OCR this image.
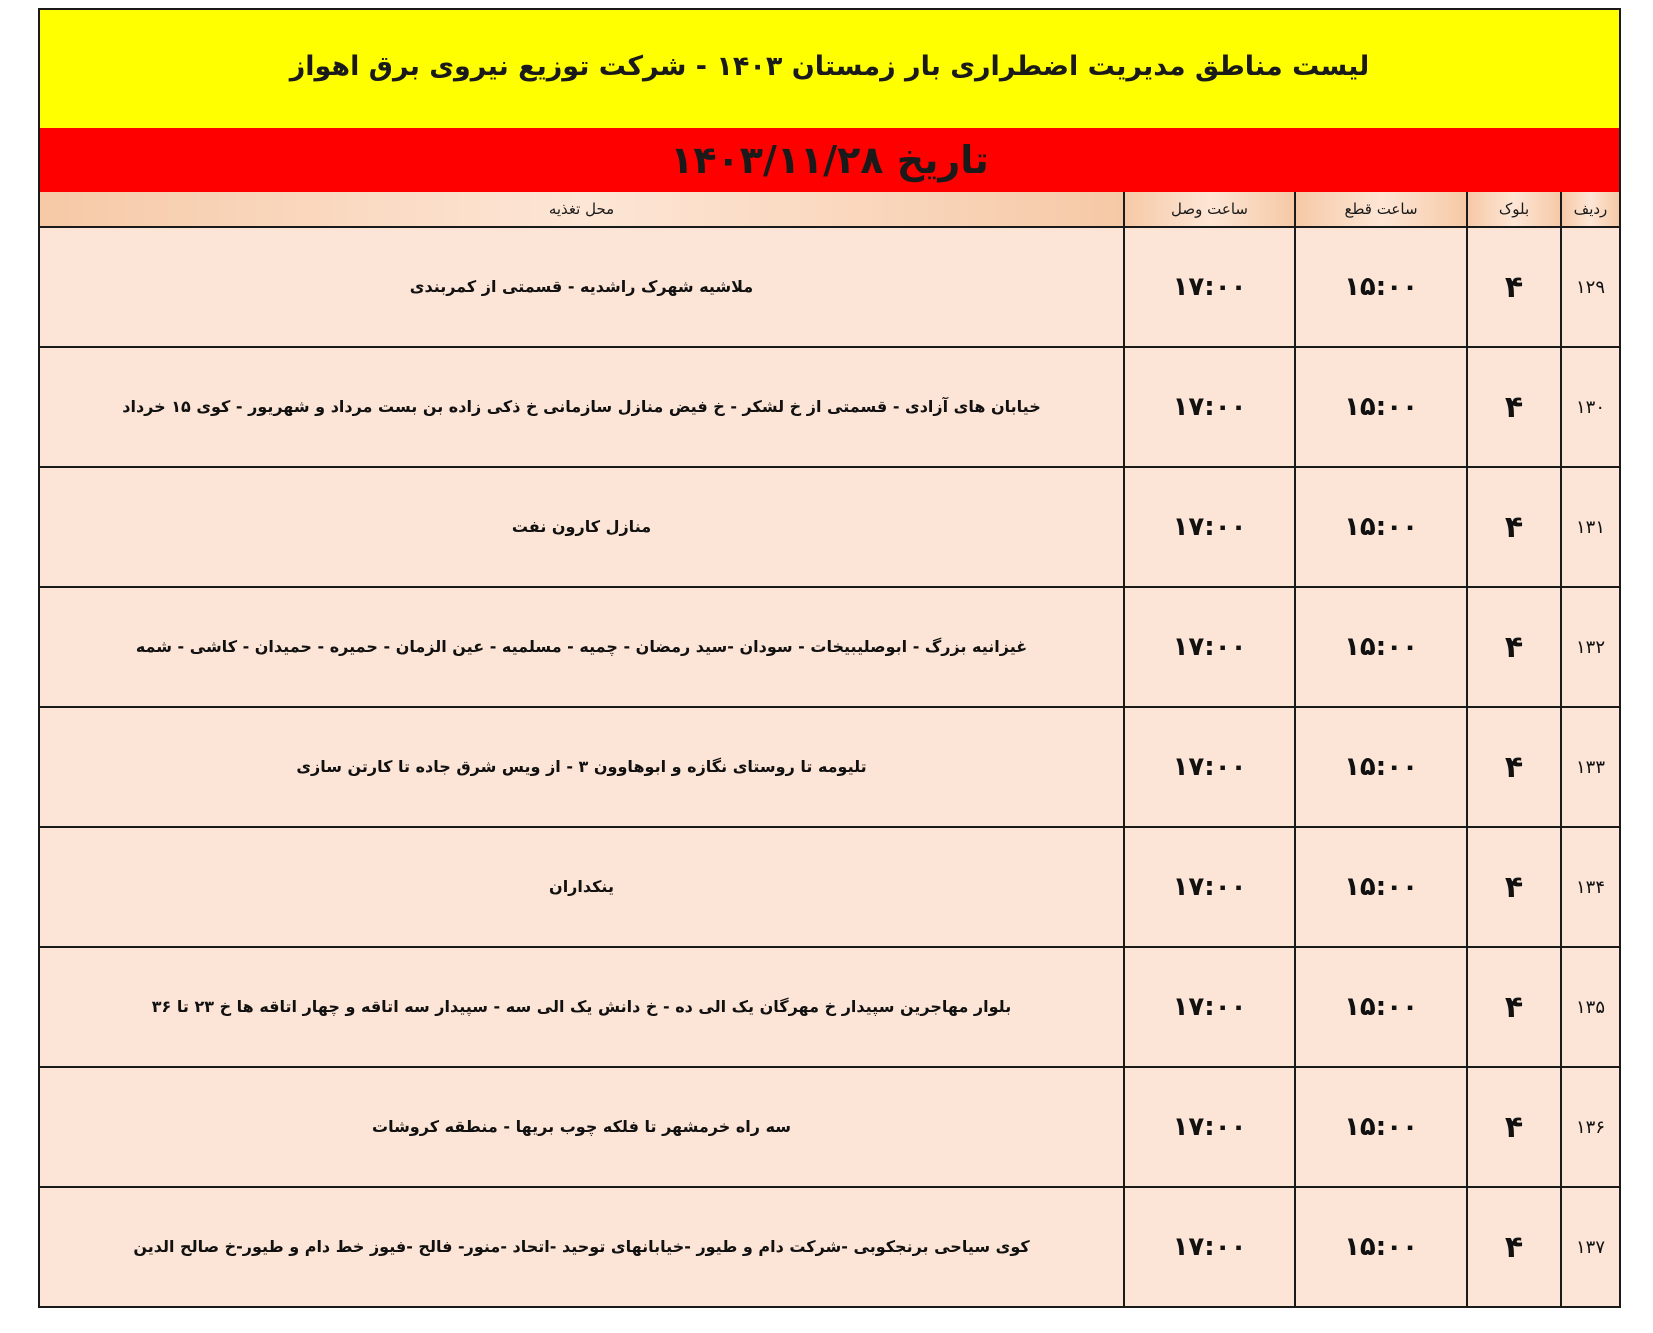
لیست مناطق مدیریت اضطراری بار زمستان ۱۴۰۳ - شرکت توزیع نیروی برق اهواز
تاریخ ۱۴۰۳/۱۱/۲۸
ردیف	بلوک	ساعت قطع	ساعت وصل	محل تغذیه
۱۲۹	۴	۱۵:۰۰	۱۷:۰۰	ملاشیه شهرک راشدیه - قسمتی از کمربندی
۱۳۰	۴	۱۵:۰۰	۱۷:۰۰	خیابان های آزادی - قسمتی از خ لشکر - خ فیض منازل سازمانی خ ذکی زاده بن بست مرداد و شهریور - کوی ۱۵ خرداد
۱۳۱	۴	۱۵:۰۰	۱۷:۰۰	منازل کارون نفت
۱۳۲	۴	۱۵:۰۰	۱۷:۰۰	غیزانیه بزرگ - ابوصلیبیخات - سودان -سید رمضان - چمیه - مسلمیه - عین الزمان - حمیره - حمیدان - کاشی - شمه
۱۳۳	۴	۱۵:۰۰	۱۷:۰۰	تلیومه تا روستای نگازه و ابوهاوون ۳ - از ویس شرق جاده تا کارتن سازی
۱۳۴	۴	۱۵:۰۰	۱۷:۰۰	ینکداران
۱۳۵	۴	۱۵:۰۰	۱۷:۰۰	بلوار مهاجرین سپیدار خ مهرگان یک الی ده - خ دانش یک الی سه - سپیدار سه اتاقه و چهار اتاقه ها خ ۲۳ تا ۳۶
۱۳۶	۴	۱۵:۰۰	۱۷:۰۰	سه راه خرمشهر تا فلکه چوب بریها - منطقه کروشات
۱۳۷	۴	۱۵:۰۰	۱۷:۰۰	کوی سیاحی برنجکوبی -شرکت دام و طیور -خیابانهای توحید -اتحاد -منور- فالح -فیوز خط دام و طیور-خ صالح الدین
